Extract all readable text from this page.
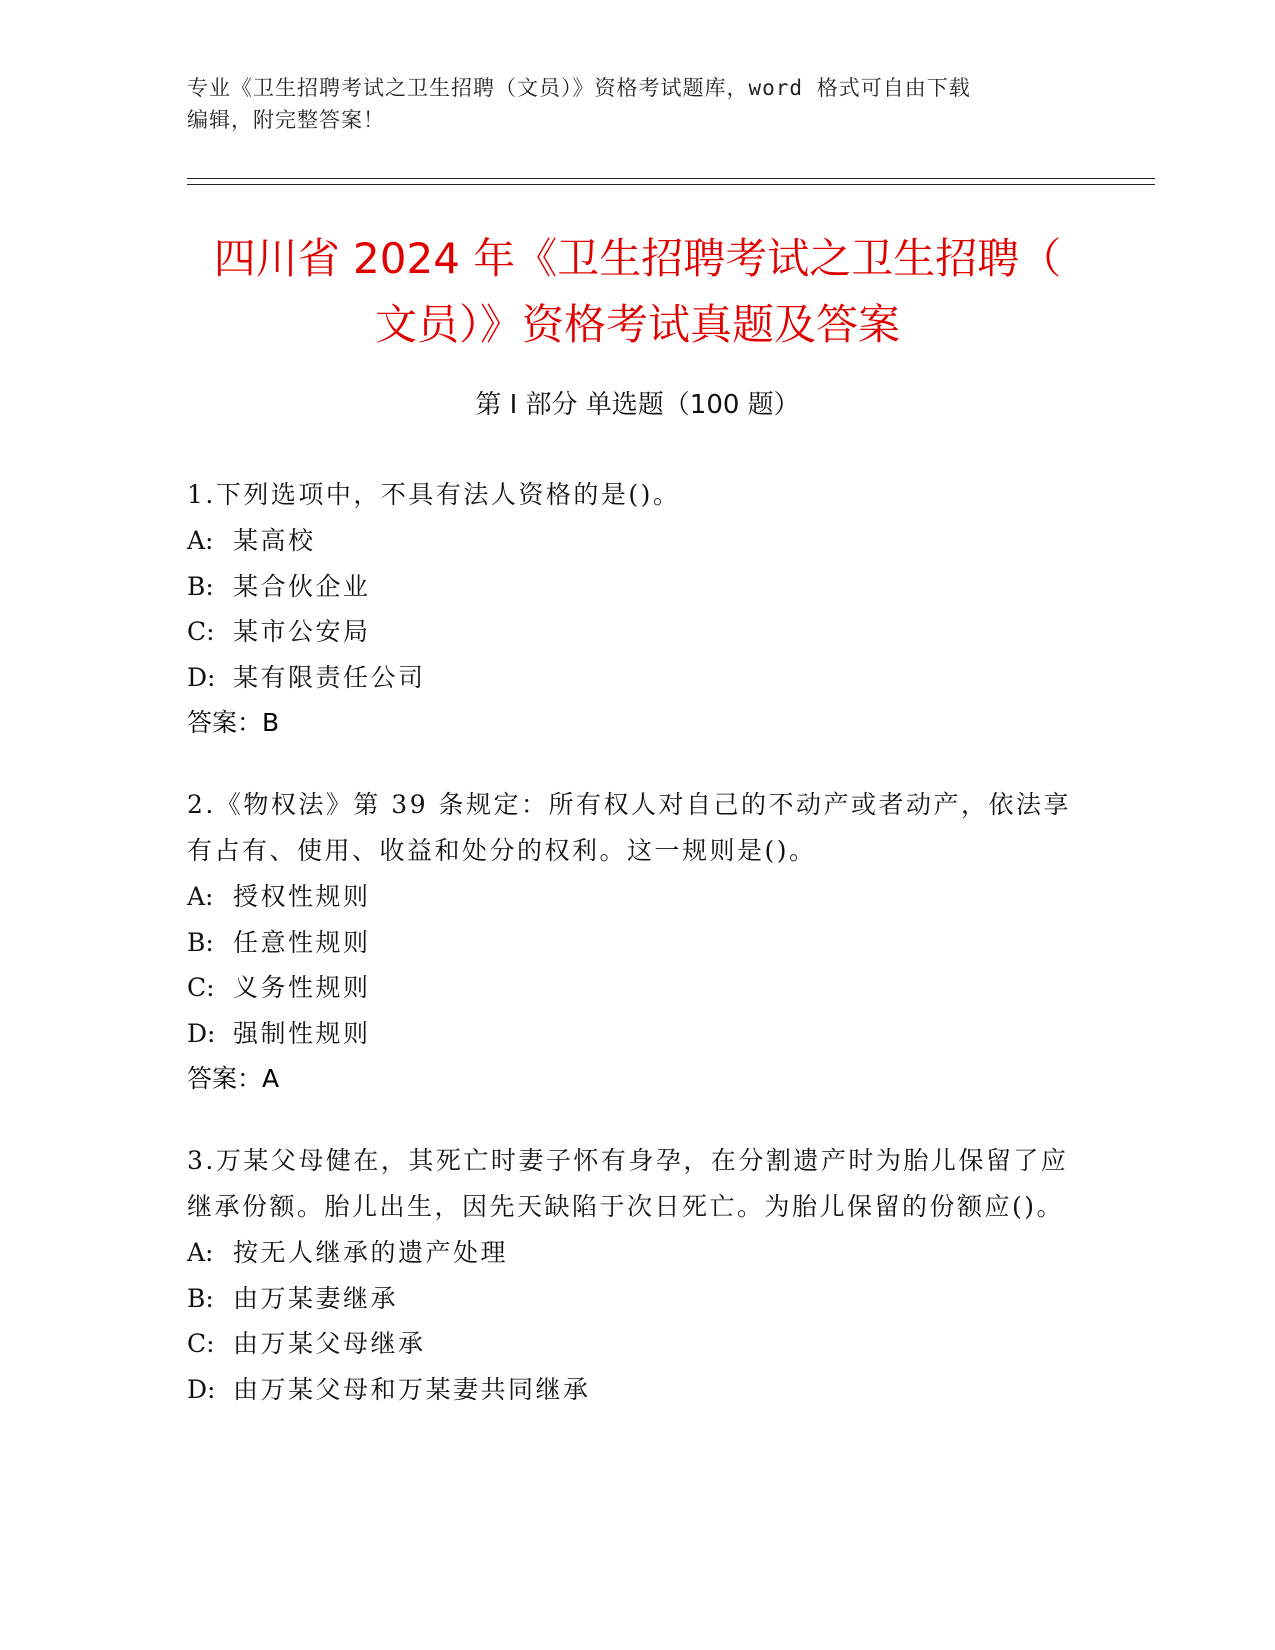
专业《卫生招聘考试之卫生招聘（文员）》资格考试题库，word 格式可自由下载
编辑，附完整答案！
四川省 2024 年《卫生招聘考试之卫生招聘（
文员）》资格考试真题及答案
第 I 部分 单选题（100 题）

1.下列选项中，不具有法人资格的是()。

A: 某高校
B: 某合伙企业
C: 某市公安局
D: 某有限责任公司
答案：B

2.《物权法》第 39 条规定：所有权人对自己的不动产或者动产，依法享有占有、使用、收益和处分的权利。这一规则是()。

A: 授权性规则
B: 任意性规则
C: 义务性规则
D: 强制性规则
答案：A

3.万某父母健在，其死亡时妻子怀有身孕，在分割遗产时为胎儿保留了应继承份额。胎儿出生，因先天缺陷于次日死亡。为胎儿保留的份额应()。

A: 按无人继承的遗产处理
B: 由万某妻继承
C: 由万某父母继承
D: 由万某父母和万某妻共同继承
